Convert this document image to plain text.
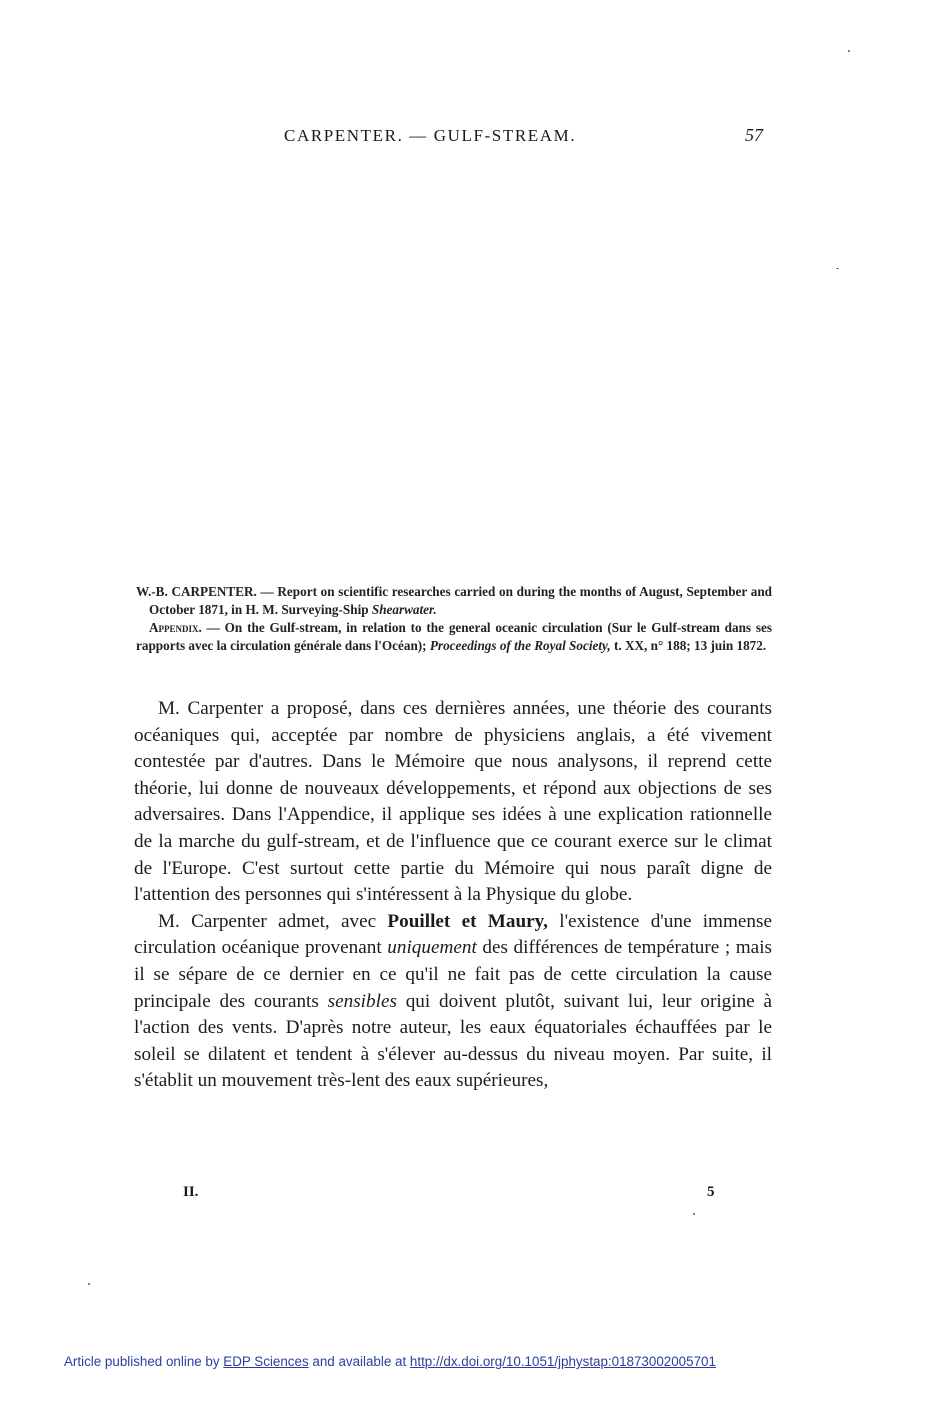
CARPENTER. — GULF-STREAM.	57

W.-B. CARPENTER. — Report on scientific researches carried on during the months of August, September and October 1871, in H. M. Surveying-Ship Shearwater.

Appendix. — On the Gulf-stream, in relation to the general oceanic circulation (Sur le Gulf-stream dans ses rapports avec la circulation générale dans l'Océan); Proceedings of the Royal Society, t. XX, n° 188; 13 juin 1872.

M. Carpenter a proposé, dans ces dernières années, une théorie des courants océaniques qui, acceptée par nombre de physiciens anglais, a été vivement contestée par d'autres. Dans le Mémoire que nous analysons, il reprend cette théorie, lui donne de nouveaux développements, et répond aux objections de ses adversaires. Dans l'Appendice, il applique ses idées à une explication rationnelle de la marche du gulf-stream, et de l'influence que ce courant exerce sur le climat de l'Europe. C'est surtout cette partie du Mémoire qui nous paraît digne de l'attention des personnes qui s'intéressent à la Physique du globe.

M. Carpenter admet, avec Pouillet et Maury, l'existence d'une immense circulation océanique provenant uniquement des différences de température ; mais il se sépare de ce dernier en ce qu'il ne fait pas de cette circulation la cause principale des courants sensibles qui doivent plutôt, suivant lui, leur origine à l'action des vents. D'après notre auteur, les eaux équatoriales échauffées par le soleil se dilatent et tendent à s'élever au-dessus du niveau moyen. Par suite, il s'établit un mouvement très-lent des eaux supérieures,

II.	5
Article published online by EDP Sciences and available at http://dx.doi.org/10.1051/jphystap:01873002005701
